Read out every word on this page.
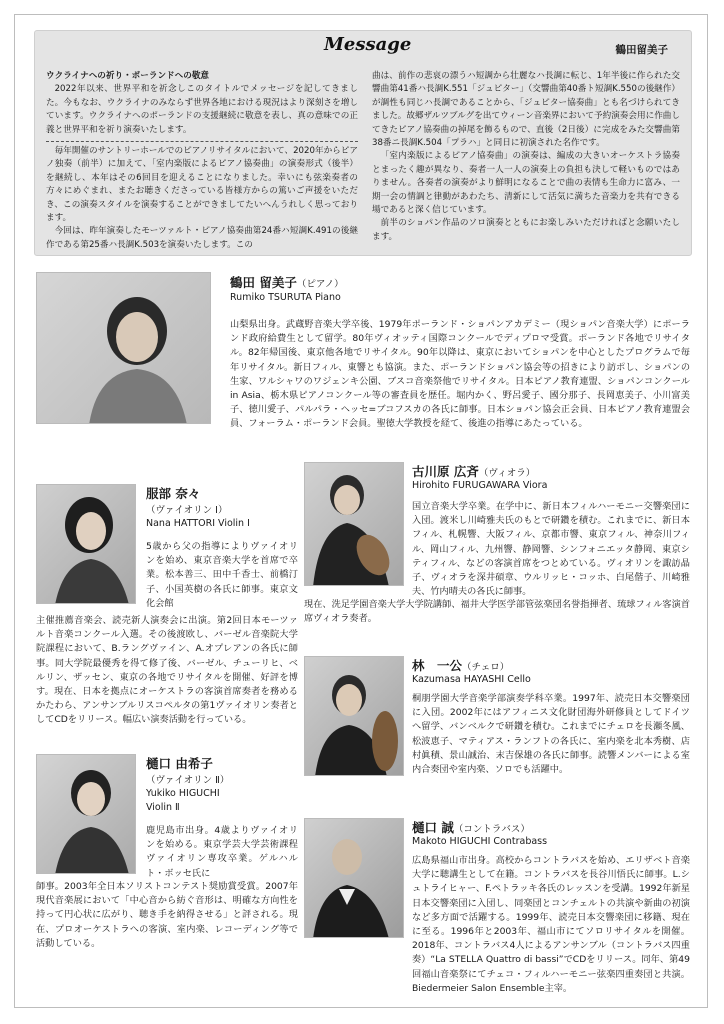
Message	鶴田留美子

ウクライナへの祈り・ポーランドへの敬意

2022年以来、世界平和を祈念しこのタイトルでメッセージを記してきました。今もなお、ウクライナのみならず世界各地における現況はより深刻さを増しています。ウクライナへのポーランドの支援継続に敬意を表し、真の意味での正義と世界平和を祈り演奏いたします。

毎年開催のサントリーホールでのピアノリサイタルにおいて、2020年からピアノ独奏（前半）に加えて、「室内楽版によるピアノ協奏曲」の演奏形式（後半）を継続し、本年はその6回目を迎えることになりました。幸いにも弦楽奏者の方々にめぐまれ、またお聴きくださっている皆様方からの篤いご声援をいただき、この演奏スタイルを演奏することができましてたいへんうれしく思っております。

今回は、昨年演奏したモーツァルト・ピアノ協奏曲第24番ハ短調K.491の後継作である第25番ハ長調K.503を演奏いたします。この

曲は、前作の悲哀の漂うハ短調から壮麗なハ長調に転じ、1年半後に作られた交響曲第41番ハ長調K.551「ジュピター」（交響曲第40番ト短調K.550の後継作）が調性も同じハ長調であることから、「ジュピター協奏曲」とも名づけられてきました。故郷ザルツブルグを出てウィーン音楽界において予約演奏会用に作曲してきたピアノ協奏曲の掉尾を飾るもので、直後（2日後）に完成をみた交響曲第38番ニ長調K.504「プラハ」と同日に初演された名作です。

「室内楽版によるピアノ協奏曲」の演奏は、編成の大きいオーケストラ協奏とまったく趣が異なり、奏者一人一人の演奏上の負担も決して軽いものではありません。各奏者の演奏がより鮮明になることで曲の表情も生命力に富み、一期一会の情調と律動があわたち、清新にして活気に満ちた音楽力を共有できる場であると深く信じています。

前半のショパン作品のソロ演奏とともにお楽しみいただければと念願いたします。

鶴田 留美子（ピアノ）
Rumiko TSURUTA Piano
山梨県出身。武蔵野音楽大学卒後、1979年ポーランド・ショパンアカデミー（現ショパン音楽大学）にポーランド政府給費生として留学。80年ヴィオッティ国際コンクールでディプロマ受賞。ポーランド各地でリサイタル。82年帰国後、東京他各地でリサイタル。90年以降は、東京においてショパンを中心としたプログラムで毎年リサイタル。新日フィル、東響とも協演。また、ポーランドショパン協会等の招きにより訪ポし、ショパンの生家、ワルシャワのワジェンキ公園、ブスコ音楽祭他でリサイタル。日本ピアノ教育連盟、ショパンコンクールin Asia、栃木県ピアノコンクール等の審査員を歴任。堀内かく、野呂愛子、國分那子、長岡恵美子、小川富美子、徳川愛子、パルパラ・ヘッセ=ブコフスカの各氏に師事。日本ショパン協会正会員、日本ピアノ教育連盟会員、フォーラム・ポーランド会員。聖徳大学教授を経て、後進の指導にあたっている。
服部 奈々
（ヴァイオリン Ⅰ）
Nana HATTORI Violin Ⅰ
5歳から父の指導によりヴァイオリンを始め、東京音楽大学を首席で卒業。松本善三、田中千香士、前橋汀子、小国英樹の各氏に師事。東京文化会館
主催推薦音楽会、読売新人演奏会に出演。第2回日本モーツァルト音楽コンクール入選。その後渡欧し、バーゼル音楽院大学院課程において、B.ラングヴァイン、A.オプレアンの各氏に師事。同大学院最優秀を得て修了後、バーゼル、チューリヒ、ベルリン、ザッセン、東京の各地でリサイタルを開催、好評を博す。現在、日本を拠点にオーケストラの客演首席奏者を務めるかたわら、アンサンブルリスコペルタの第1ヴァイオリン奏者としてCDをリリース。幅広い演奏活動を行っている。
古川原 広斉（ヴィオラ）
Hirohito FURUGAWARA Viora
国立音楽大学卒業。在学中に、新日本フィルハーモニー交響楽団に入団。渡米し川崎雅夫氏のもとで研鑽を積む。これまでに、新日本フィル、札幌響、大阪フィル、京都市響、東京フィル、神奈川フィル、岡山フィル、九州響、静岡響、シンフォニエッタ静岡、東京シティフィル、などの客演首席をつとめている。ヴィオリンを諏訪晶子、ヴィオラを深井碩章、ウルリッヒ・コッホ、白尾偕子、川崎雅夫、竹内晴夫の各氏に師事。
現在、洗足学園音楽大学大学院講師、福井大学医学部管弦楽団名誉指揮者、琉球フィル客演首席ヴィオラ奏者。
林　一公（チェロ）
Kazumasa HAYASHI Cello
桐朋学園大学音楽学部演奏学科卒業。1997年、読売日本交響楽団に入団。2002年にはアフィニス文化財団海外研修員としてドイツへ留学、バンベルクで研鑽を積む。これまでにチェロを長瀬冬風、松波恵子、マティアス・ランフトの各氏に、室内楽を北本秀樹、店村眞積、景山誠治、末吉保雄の各氏に師事。読響メンバーによる室内合奏団や室内楽、ソロでも活躍中。
樋口 由希子
（ヴァイオリン Ⅱ）
Yukiko HIGUCHI
Violin Ⅱ
鹿児島市出身。4歳よりヴァイオリンを始める。東京学芸大学芸術課程ヴァイオリン専攻卒業。ゲルハルト・ボッセ氏に
師事。2003年全日本ソリストコンテスト奨励賞受賞。2007年現代音楽展において「中心音から紡ぐ音形は、明確な方向性を持って円心状に広がり、聴き手を納得させる」と評される。現在、プロオーケストラへの客演、室内楽、レコーディング等で活動している。
樋口 誠（コントラバス）
Makoto HIGUCHI Contrabass
広島県福山市出身。高校からコントラバスを始め、エリザベト音楽大学に聴講生として在籍。コントラバスを長谷川悟氏に師事。L.シュトライヒャー、F.ペトラッキ各氏のレッスンを受講。1992年新星日本交響楽団に入団し、同楽団とコンチェルトの共演や新曲の初演など多方面で活躍する。1999年、読売日本交響楽団に移籍、現在に至る。1996年と2003年、福山市にてソロリサイタルを開催。2018年、コントラバス4人によるアンサンブル（コントラバス四重奏）“La STELLA Quattro di bassi”でCDをリリース。同年、第49回福山音楽祭にてチェコ・フィルハーモニー弦楽四重奏団と共演。Biedermeier Salon Ensemble主宰。
